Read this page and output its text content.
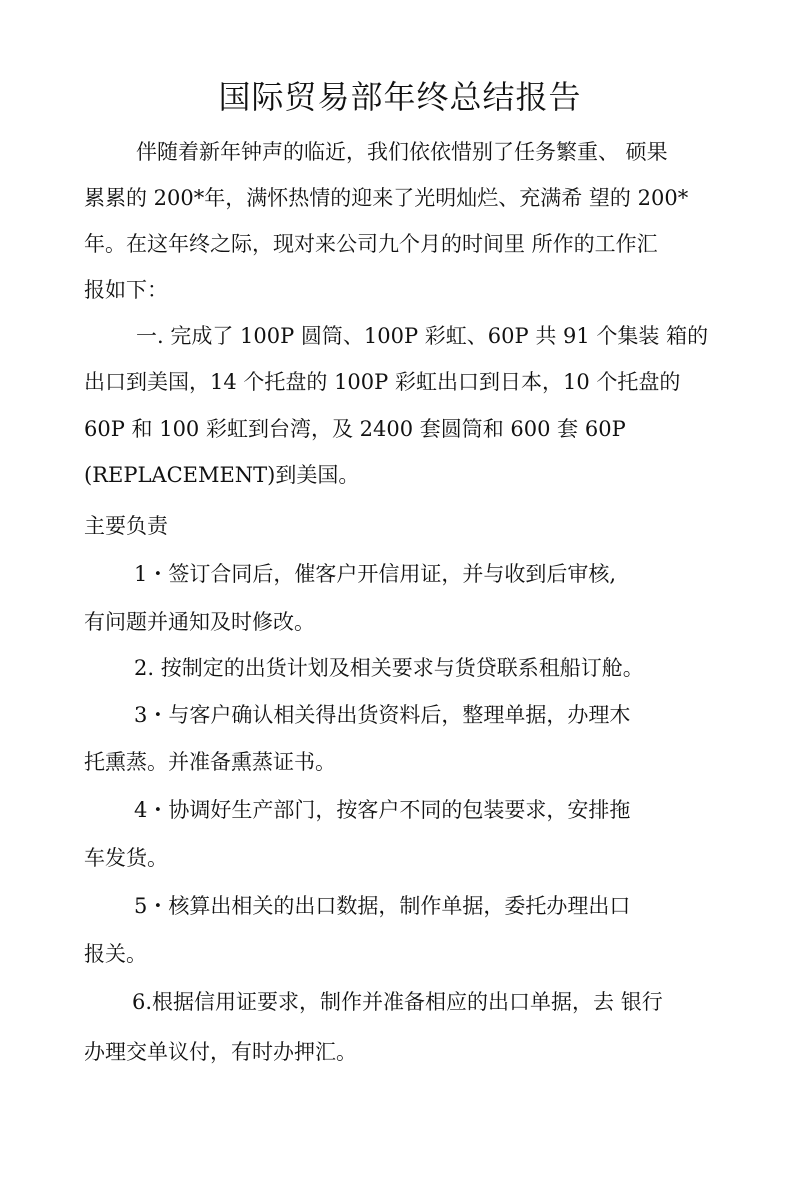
国际贸易部年终总结报告

伴随着新年钟声的临近，我们依依惜别了任务繁重、 硕果

累累的 200*年，满怀热情的迎来了光明灿烂、充满希 望的 200*

年。在这年终之际，现对来公司九个月的时间里 所作的工作汇

报如下：

一. 完成了 100P 圆筒、100P 彩虹、60P 共 91 个集装 箱的

出口到美国，14 个托盘的 100P 彩虹出口到日本，10 个托盘的

60P 和 100 彩虹到台湾，及 2400 套圆筒和 600 套 60P

(REPLACEMENT)到美国。

主要负责

1・签订合同后，催客户开信用证，并与收到后审核,

有问题并通知及时修改。

2. 按制定的出货计划及相关要求与货贷联系租船订舱。

3・与客户确认相关得出货资料后，整理单据，办理木

托熏蒸。并准备熏蒸证书。

4・协调好生产部门，按客户不同的包装要求，安排拖

车发货。

5・核算出相关的出口数据，制作单据，委托办理出口

报关。

6.根据信用证要求，制作并准备相应的出口单据，去 银行

办理交单议付，有时办押汇。
